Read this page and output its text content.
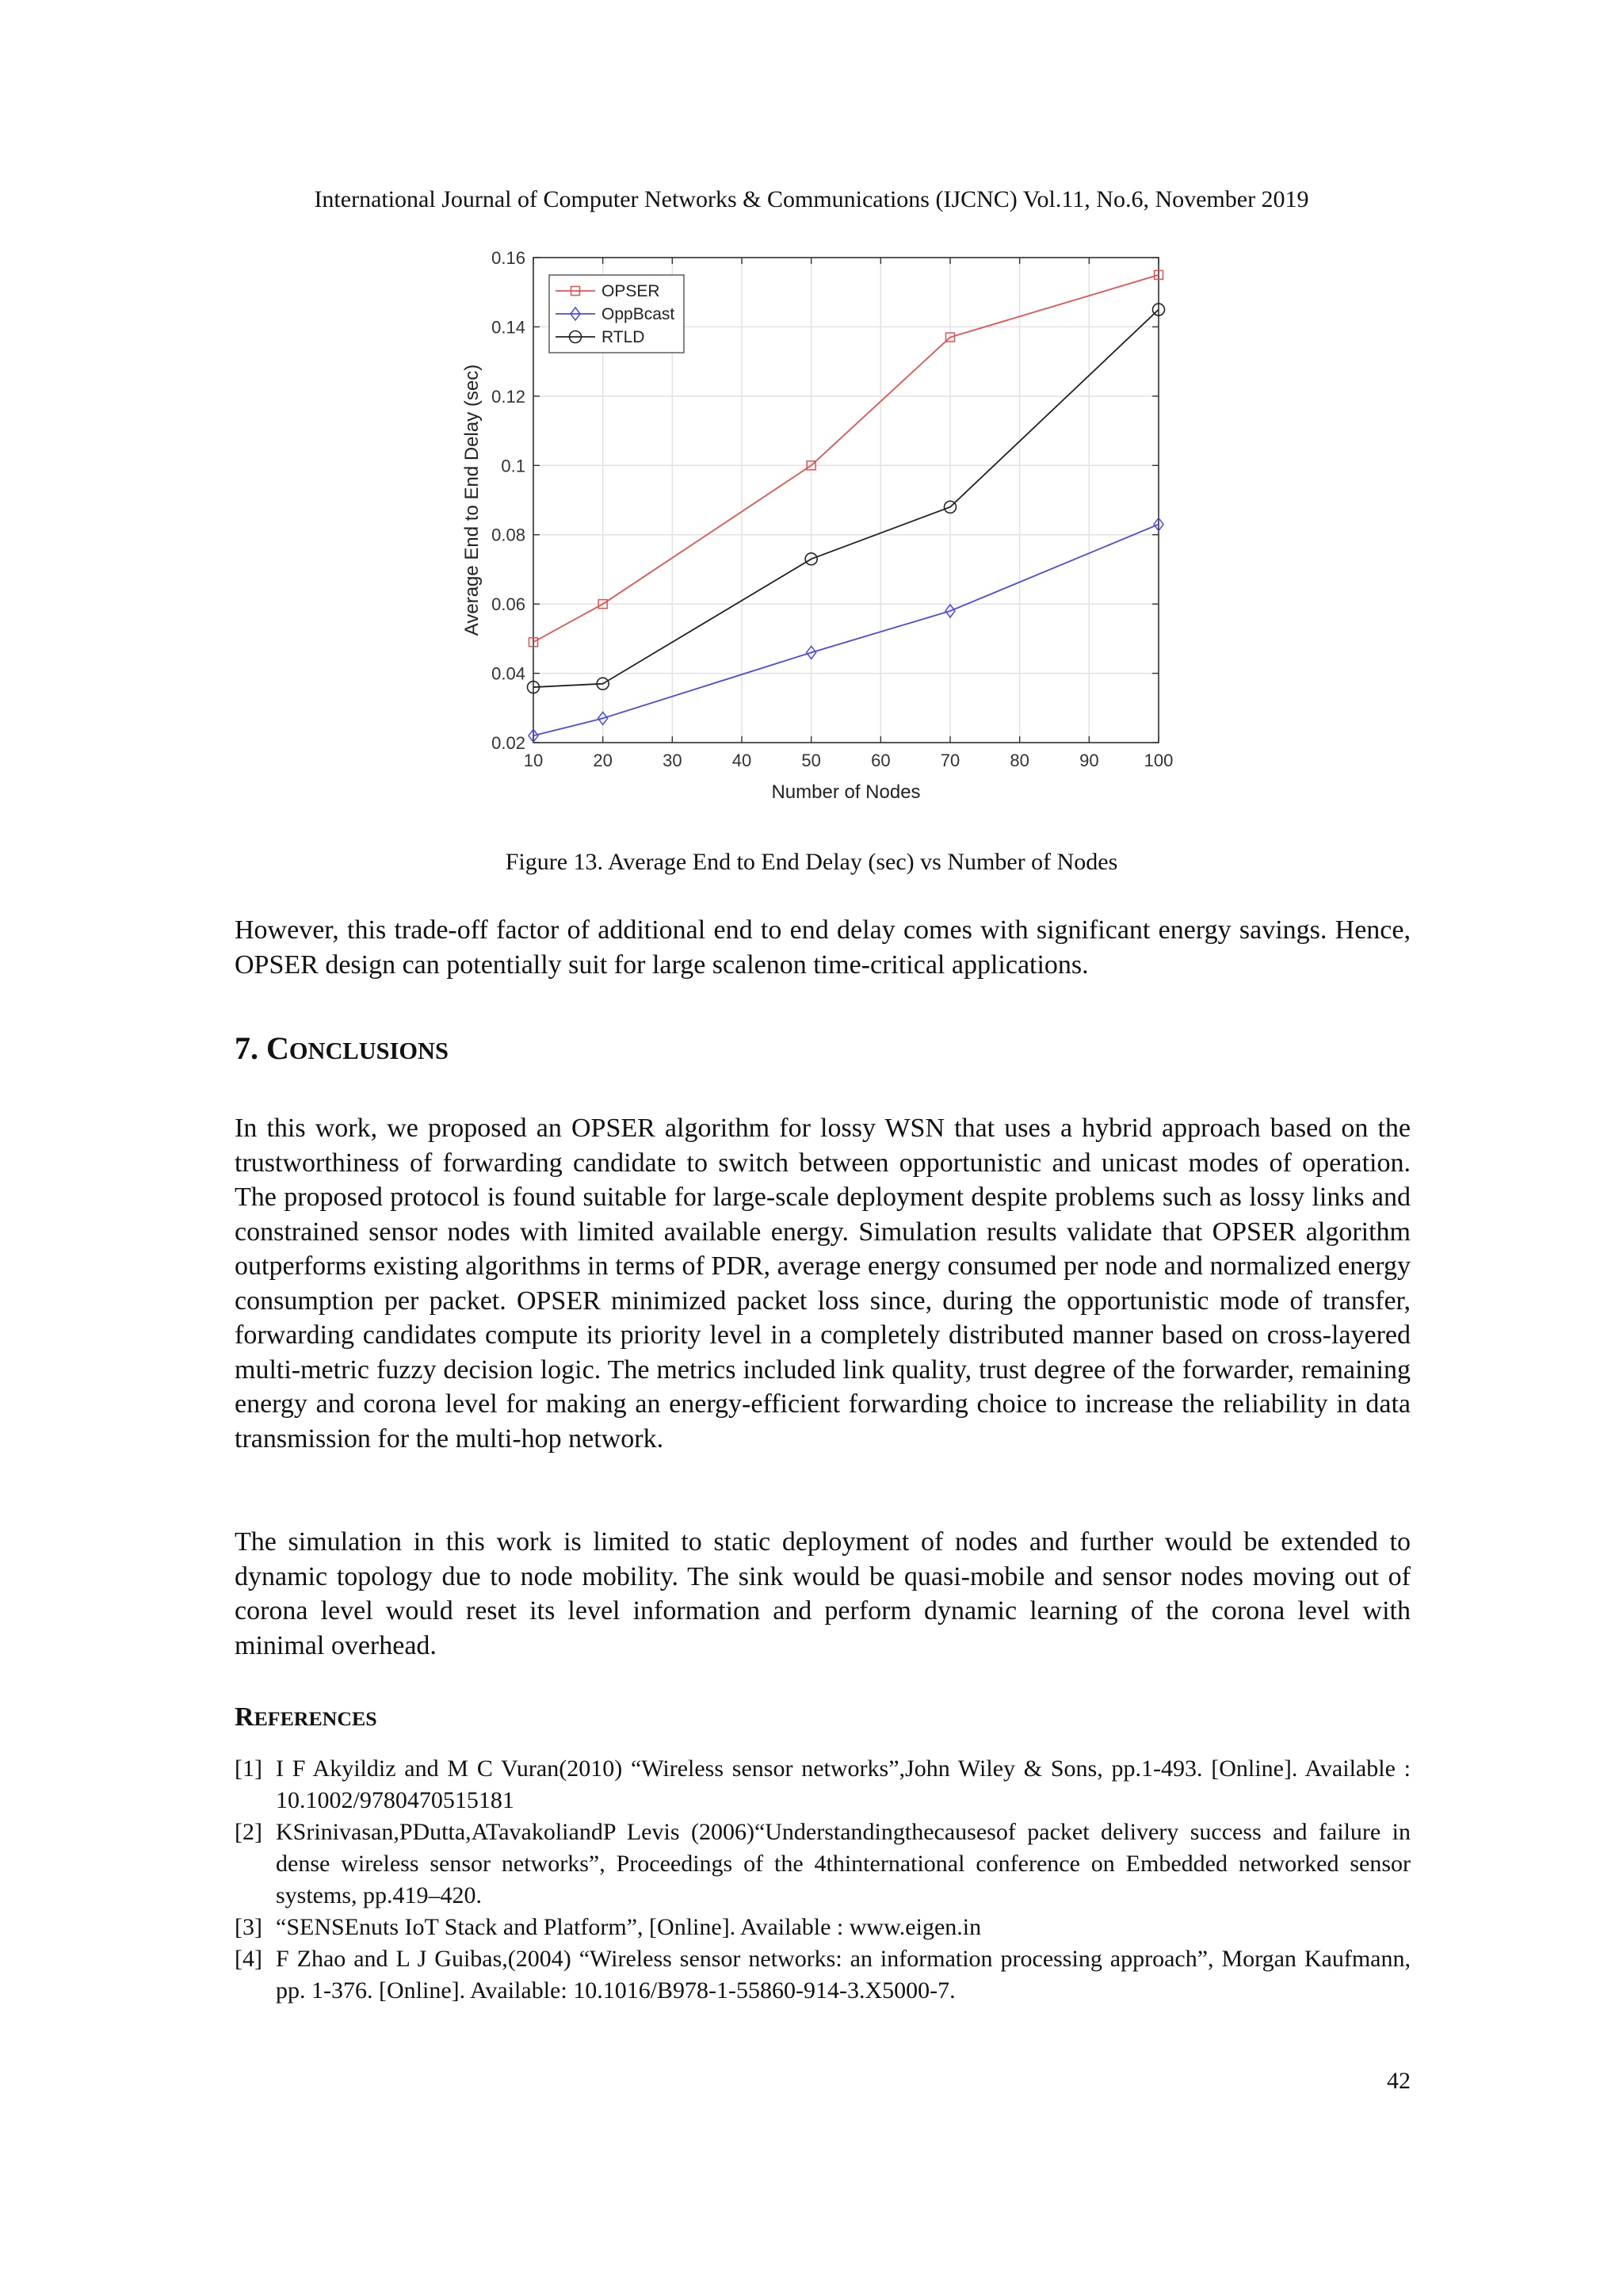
International Journal of Computer Networks & Communications (IJCNC) Vol.11, No.6, November 2019
10	20	30	40	50	60	70	80	90	100
0.02
0.04
0.06
0.08
0.1
0.12
0.14
0.16
Number of Nodes
Average End to End Delay (sec)
OPSER
OppBcast
RTLD
Figure 13. Average End to End Delay (sec) vs Number of Nodes

However, this trade-off factor of additional end to end delay comes with significant energy savings. Hence, OPSER design can potentially suit for large scalenon time-critical applications.

7. CONCLUSIONS

In this work, we proposed an OPSER algorithm for lossy WSN that uses a hybrid approach based on the trustworthiness of forwarding candidate to switch between opportunistic and unicast modes of operation. The proposed protocol is found suitable for large-scale deployment despite problems such as lossy links and constrained sensor nodes with limited available energy. Simulation results validate that OPSER algorithm outperforms existing algorithms in terms of PDR, average energy consumed per node and normalized energy consumption per packet. OPSER minimized packet loss since, during the opportunistic mode of transfer, forwarding candidates compute its priority level in a completely distributed manner based on cross-layered multi-metric fuzzy decision logic. The metrics included link quality, trust degree of the forwarder, remaining energy and corona level for making an energy-efficient forwarding choice to increase the reliability in data transmission for the multi-hop network.

The simulation in this work is limited to static deployment of nodes and further would be extended to dynamic topology due to node mobility. The sink would be quasi-mobile and sensor nodes moving out of corona level would reset its level information and perform dynamic learning of the corona level with minimal overhead.

REFERENCES
[1] I F Akyildiz and M C Vuran(2010) “Wireless sensor networks”,John Wiley & Sons, pp.1-493. [Online]. Available : 10.1002/9780470515181
[2] KSrinivasan,PDutta,ATavakoliandP Levis (2006)“Understandingthecausesof packet delivery success and failure in dense wireless sensor networks”, Proceedings of the 4thinternational conference on Embedded networked sensor systems, pp.419–420.
[3] “SENSEnuts IoT Stack and Platform”, [Online]. Available : www.eigen.in
[4] F Zhao and L J Guibas,(2004) “Wireless sensor networks: an information processing approach”, Morgan Kaufmann, pp. 1-376. [Online]. Available: 10.1016/B978-1-55860-914-3.X5000-7.
42
